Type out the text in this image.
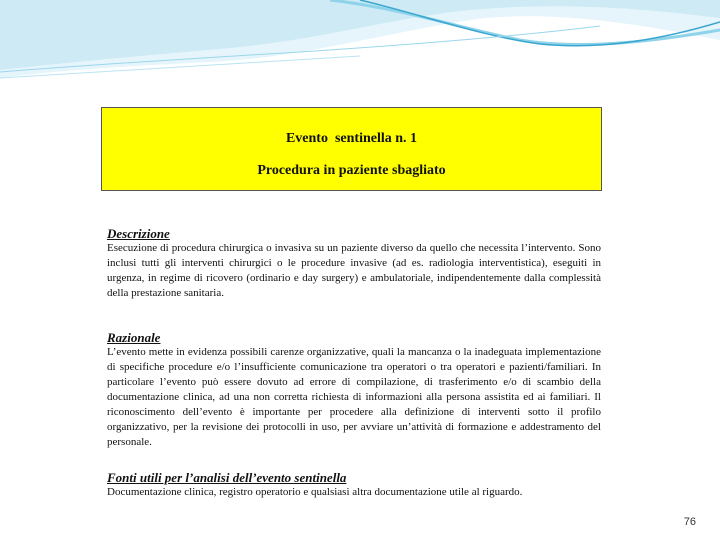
Evento  sentinella n. 1
Procedura in paziente sbagliato
Descrizione
Esecuzione di procedura chirurgica o invasiva su un paziente diverso da quello che necessita l’intervento. Sono inclusi tutti gli interventi chirurgici o le procedure invasive (ad es. radiologia interventistica), eseguiti in urgenza, in regime di ricovero (ordinario e day surgery) e ambulatoriale, indipendentemente dalla complessità della prestazione sanitaria.
Razionale
L’evento mette in evidenza possibili carenze organizzative, quali la mancanza o la inadeguata implementazione di specifiche procedure e/o l’insufficiente comunicazione tra operatori o tra operatori e pazienti/familiari. In particolare l’evento può essere dovuto ad errore di compilazione, di trasferimento e/o di scambio della documentazione clinica, ad una non corretta richiesta di informazioni alla persona assistita ed ai familiari. Il riconoscimento dell’evento è importante per procedere alla definizione di interventi sotto il profilo organizzativo, per la revisione dei protocolli in uso, per avviare un’attività di formazione e addestramento del personale.
Fonti utili per l’analisi dell’evento sentinella
Documentazione clinica, registro operatorio e qualsiasi altra documentazione utile al riguardo.
76
